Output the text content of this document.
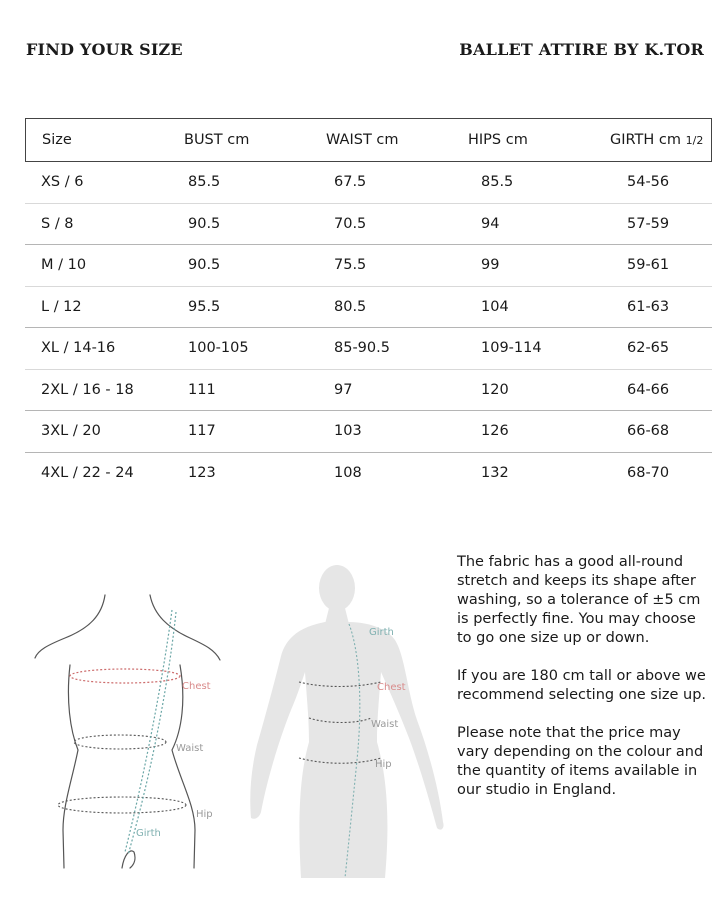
FIND YOUR SIZE	BALLET ATTIRE BY K.TOR
Size	BUST cm	WAIST cm	HIPS cm	GIRTH cm 1/2
XS / 6	85.5	67.5	85.5	54-56
S / 8	90.5	70.5	94	57-59
M / 10	90.5	75.5	99	59-61
L / 12	95.5	80.5	104	61-63
XL / 14-16	100-105	85-90.5	109-114	62-65
2XL / 16 - 18	111	97	120	64-66
3XL / 20	117	103	126	66-68
4XL / 22 - 24	123	108	132	68-70
Chest
Waist
Hip
Girth
Girth
Chest
Waist
Hip

The fabric has a good all-round stretch and keeps its shape after washing, so a tolerance of ±5 cm is perfectly fine. You may choose to go one size up or down.

If you are 180 cm tall or above we recommend selecting one size up.

Please note that the price may vary depending on the colour and the quantity of items available in our studio in England.
